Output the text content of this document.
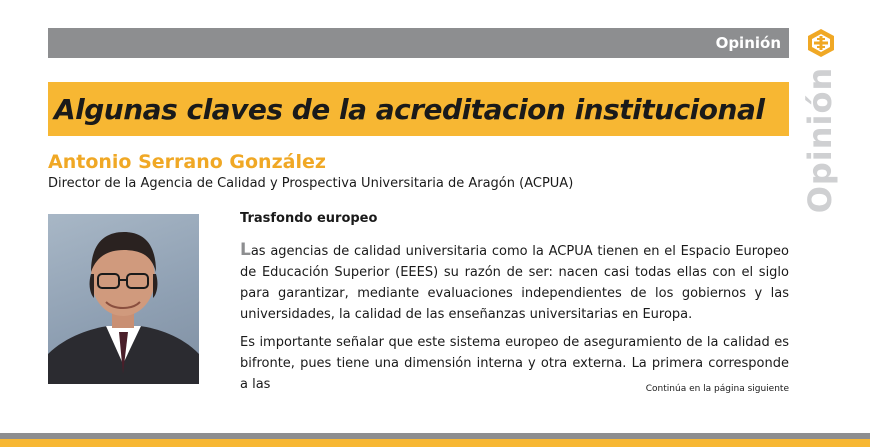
Opinión
Opinión
Algunas claves de la acreditacion institucional

Antonio Serrano González

Director de la Agencia de Calidad y Prospectiva Universitaria de Aragón (ACPUA)

Trasfondo europeo

Las agencias de calidad universitaria como la ACPUA tienen en el Espacio Europeo de Educación Superior (EEES) su razón de ser: nacen casi todas ellas con el siglo para garantizar, mediante evaluaciones independientes de los gobiernos y las universidades, la calidad de las enseñanzas universitarias en Europa.

Es importante señalar que este sistema europeo de aseguramiento de la calidad es bifronte, pues tiene una dimensión interna y otra externa. La primera corresponde a las	Continúa en la página siguiente
